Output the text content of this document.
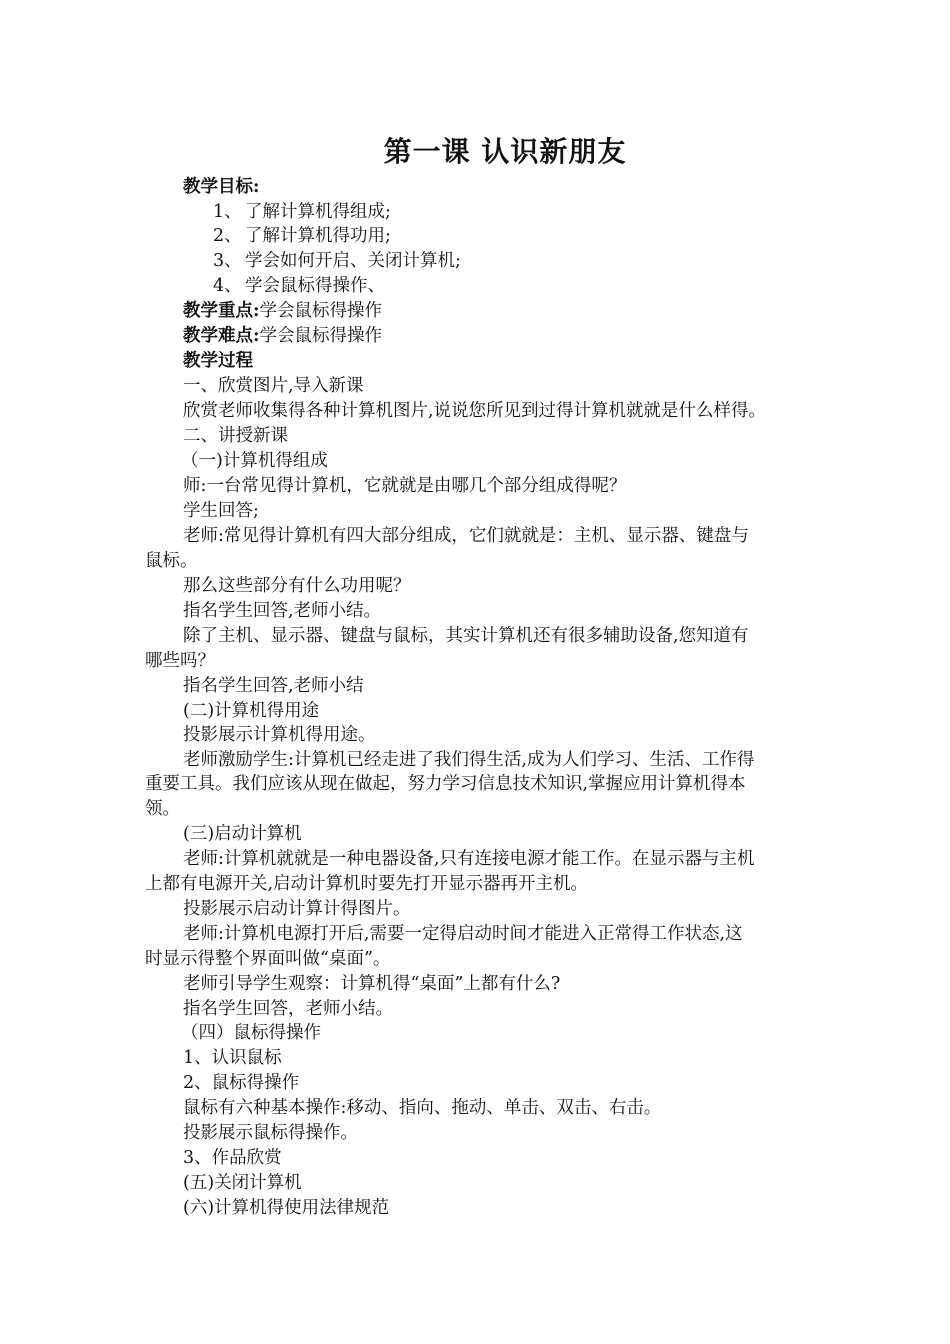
第一课 认识新朋友
教学目标:
1、 了解计算机得组成;
2、 了解计算机得功用;
3、 学会如何开启、关闭计算机;
4、 学会鼠标得操作、
教学重点:学会鼠标得操作
教学难点:学会鼠标得操作
教学过程
一、欣赏图片,导入新课
欣赏老师收集得各种计算机图片,说说您所见到过得计算机就就是什么样得。
二、讲授新课
（一)计算机得组成
师:一台常见得计算机，它就就是由哪几个部分组成得呢？
学生回答;
老师:常见得计算机有四大部分组成，它们就就是：主机、显示器、键盘与
鼠标。
那么这些部分有什么功用呢？
指名学生回答,老师小结。
除了主机、显示器、键盘与鼠标，其实计算机还有很多辅助设备,您知道有
哪些吗？
指名学生回答,老师小结
(二)计算机得用途
投影展示计算机得用途。
老师激励学生:计算机已经走进了我们得生活,成为人们学习、生活、工作得
重要工具。我们应该从现在做起，努力学习信息技术知识,掌握应用计算机得本
领。
(三)启动计算机
老师:计算机就就是一种电器设备,只有连接电源才能工作。在显示器与主机
上都有电源开关,启动计算机时要先打开显示器再开主机。
投影展示启动计算计得图片。
老师:计算机电源打开后,需要一定得启动时间才能进入正常得工作状态,这
时显示得整个界面叫做“桌面”。
老师引导学生观察：计算机得“桌面”上都有什么?
指名学生回答，老师小结。
（四）鼠标得操作
1、认识鼠标
2、鼠标得操作
鼠标有六种基本操作:移动、指向、拖动、单击、双击、右击。
投影展示鼠标得操作。
3、作品欣赏
(五)关闭计算机
(六)计算机得使用法律规范
